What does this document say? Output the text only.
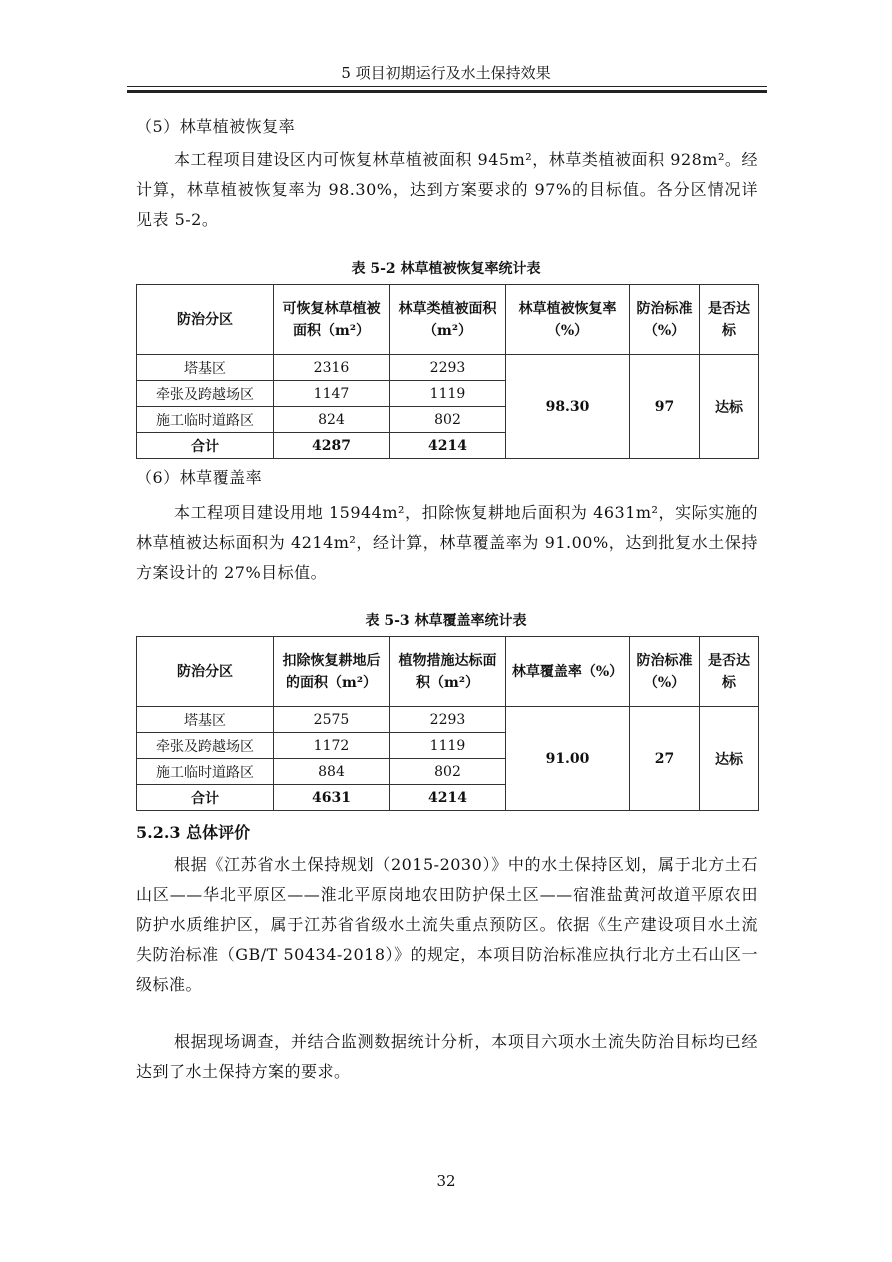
5 项目初期运行及水土保持效果
（5）林草植被恢复率
本工程项目建设区内可恢复林草植被面积 945m²，林草类植被面积 928m²。经计算，林草植被恢复率为 98.30%，达到方案要求的 97%的目标值。各分区情况详见表 5-2。
表 5-2 林草植被恢复率统计表
防治分区	可恢复林草植被面积（m²）	林草类植被面积（m²）	林草植被恢复率（%）	防治标准（%）	是否达标
塔基区	2316	2293	98.30	97	达标
牵张及跨越场区	1147	1119			
施工临时道路区	824	802			
合计	4287	4214			
（6）林草覆盖率
本工程项目建设用地 15944m²，扣除恢复耕地后面积为 4631m²，实际实施的林草植被达标面积为 4214m²，经计算，林草覆盖率为 91.00%，达到批复水土保持方案设计的 27%目标值。
表 5-3 林草覆盖率统计表
防治分区	扣除恢复耕地后的面积（m²）	植物措施达标面积（m²）	林草覆盖率（%）	防治标准（%）	是否达标
塔基区	2575	2293	91.00	27	达标
牵张及跨越场区	1172	1119			
施工临时道路区	884	802			
合计	4631	4214			
5.2.3 总体评价
根据《江苏省水土保持规划（2015-2030）》中的水土保持区划，属于北方土石山区——华北平原区——淮北平原岗地农田防护保土区——宿淮盐黄河故道平原农田防护水质维护区，属于江苏省省级水土流失重点预防区。依据《生产建设项目水土流失防治标准（GB/T 50434-2018）》的规定，本项目防治标准应执行北方土石山区一级标准。
根据现场调查，并结合监测数据统计分析，本项目六项水土流失防治目标均已经达到了水土保持方案的要求。
32
